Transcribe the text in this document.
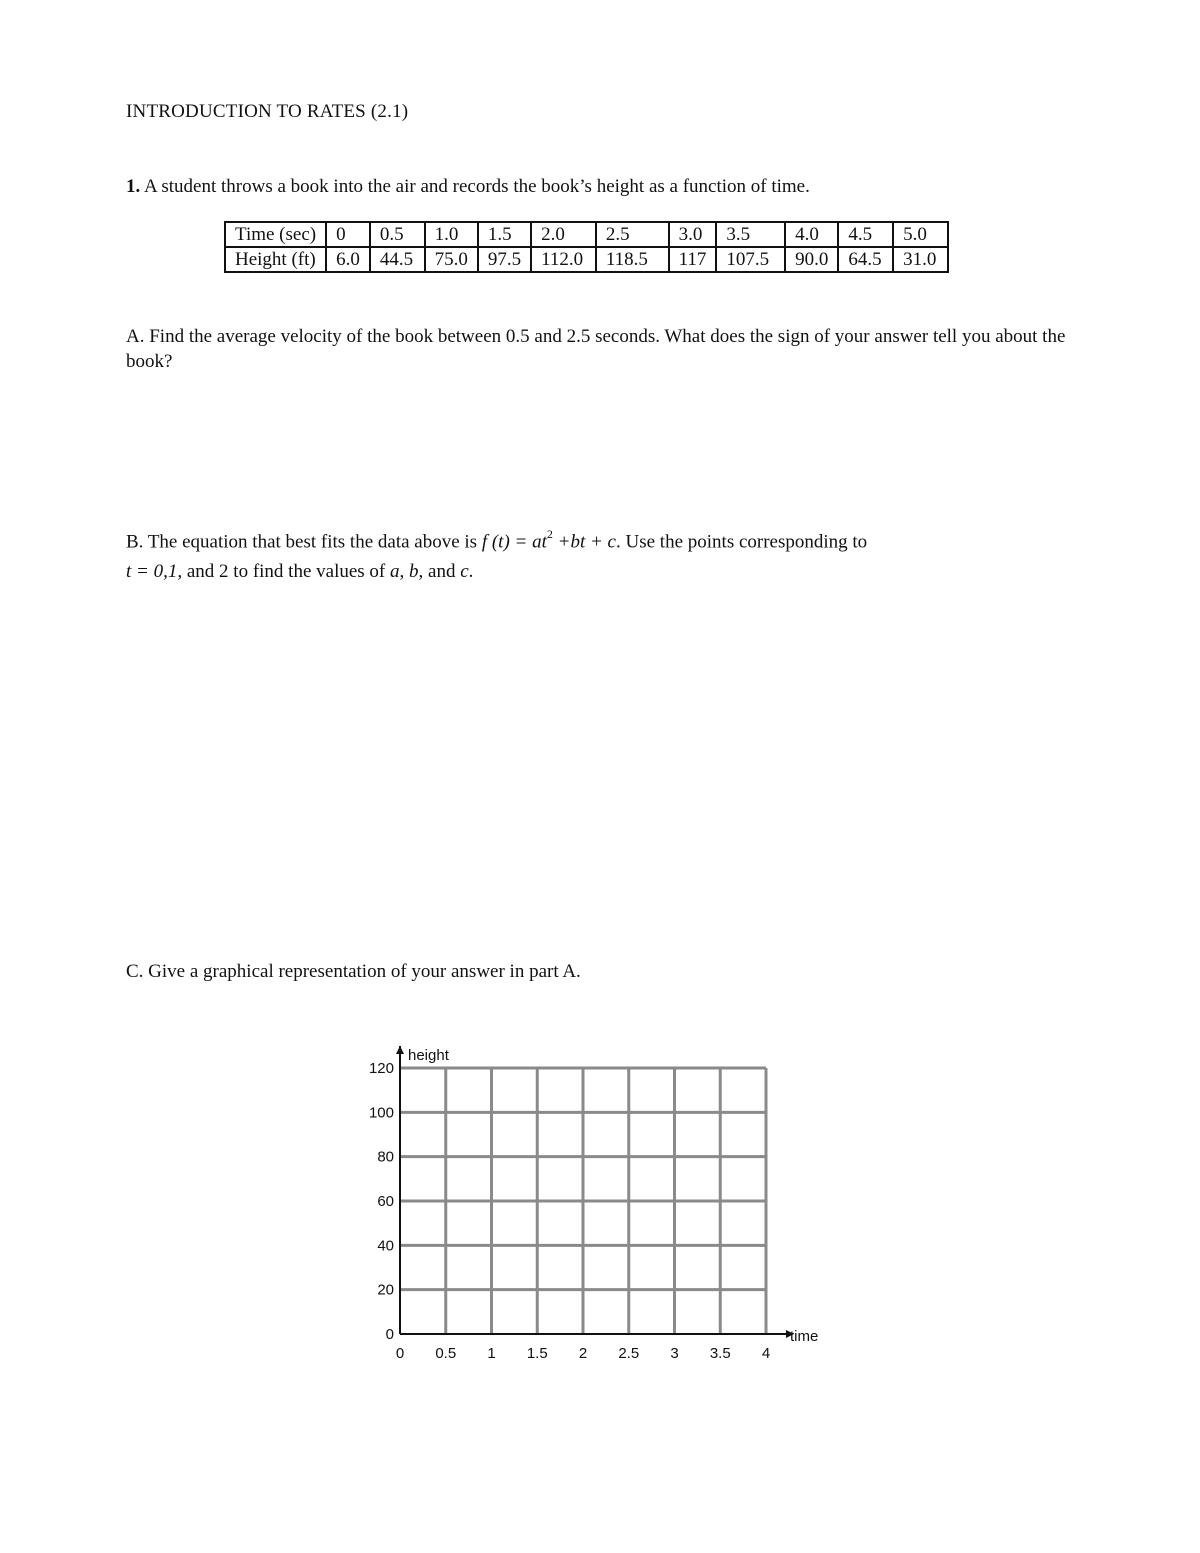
INTRODUCTION TO RATES (2.1)
1. A student throws a book into the air and records the book’s height as a function of time.
Time (sec)	0	0.5	1.0	1.5	2.0	2.5	3.0	3.5	4.0	4.5	5.0
Height (ft)	6.0	44.5	75.0	97.5	112.0	118.5	117	107.5	90.0	64.5	31.0
A. Find the average velocity of the book between 0.5 and 2.5 seconds. What does the sign of your answer tell you about the book?
B. The equation that best fits the data above is f $(t) = at^2 +bt + c$. Use the points corresponding to
t = 0,1, and 2 to find the values of a, b, and c.
C. Give a graphical representation of your answer in part A.
0
20
40
60
80
100
120
0 0.5 1 1.5 2 2.5 3 3.5 4
height
time
